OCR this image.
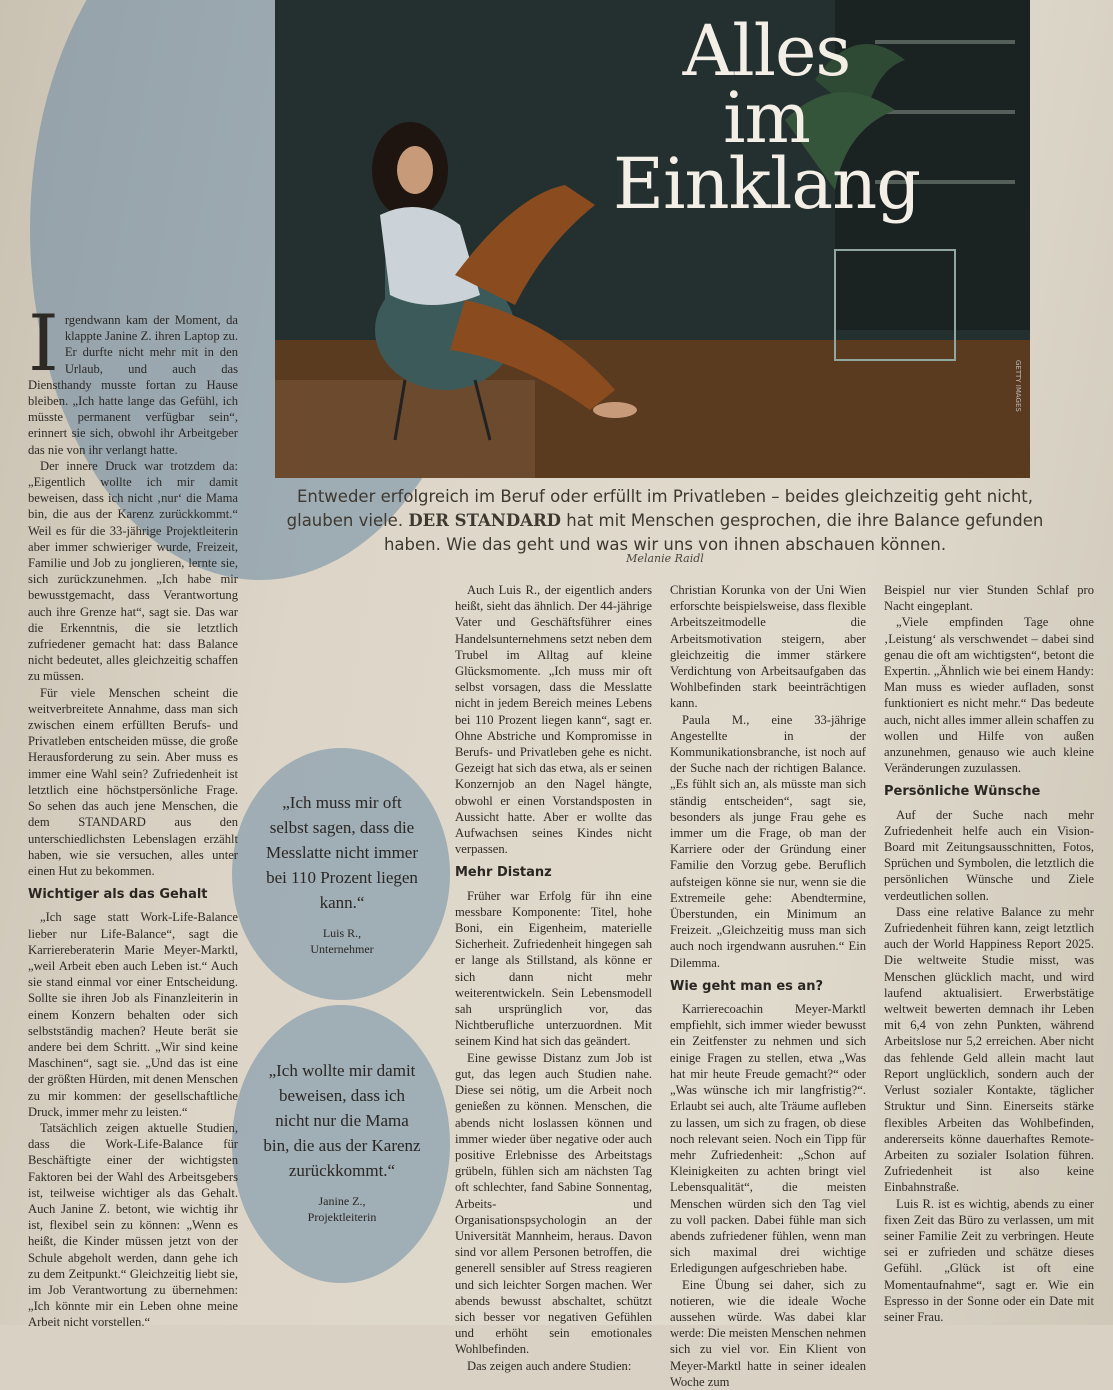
Alles
im
Einklang
GETTY IMAGES

Entweder erfolgreich im Beruf oder erfüllt im Privatleben – beides gleichzeitig geht nicht, glauben viele. DER STANDARD hat mit Menschen gesprochen, die ihre Balance gefunden haben. Wie das geht und was wir uns von ihnen abschauen können.

Melanie Raidl

Irgendwann kam der Moment, da klappte Janine Z. ihren Laptop zu. Er durfte nicht mehr mit in den Urlaub, und auch das Diensthandy musste fortan zu Hause bleiben. „Ich hatte lange das Gefühl, ich müsste permanent verfügbar sein“, erinnert sie sich, obwohl ihr Arbeitgeber das nie von ihr verlangt hatte.

Der innere Druck war trotzdem da: „Eigentlich wollte ich mir damit beweisen, dass ich nicht ‚nur‘ die Mama bin, die aus der Karenz zurückkommt.“ Weil es für die 33-jährige Projektleiterin aber immer schwieriger wurde, Freizeit, Familie und Job zu jonglieren, lernte sie, sich zurückzunehmen. „Ich habe mir bewusstgemacht, dass Verantwortung auch ihre Grenze hat“, sagt sie. Das war die Erkenntnis, die sie letztlich zufriedener gemacht hat: dass Balance nicht bedeutet, alles gleichzeitig schaffen zu müssen.

Für viele Menschen scheint die weitverbreitete Annahme, dass man sich zwischen einem erfüllten Berufs- und Privatleben entscheiden müsse, die große Herausforderung zu sein. Aber muss es immer eine Wahl sein? Zufriedenheit ist letztlich eine höchstpersönliche Frage. So sehen das auch jene Menschen, die dem STANDARD aus den unterschiedlichsten Lebenslagen erzählt haben, wie sie versuchen, alles unter einen Hut zu bekommen.

Wichtiger als das Gehalt

„Ich sage statt Work-Life-Balance lieber nur Life-Balance“, sagt die Karriereberaterin Marie Meyer-Marktl, „weil Arbeit eben auch Leben ist.“ Auch sie stand einmal vor einer Entscheidung. Sollte sie ihren Job als Finanzleiterin in einem Konzern behalten oder sich selbstständig machen? Heute berät sie andere bei dem Schritt. „Wir sind keine Maschinen“, sagt sie. „Und das ist eine der größten Hürden, mit denen Menschen zu mir kommen: der gesellschaftliche Druck, immer mehr zu leisten.“

Tatsächlich zeigen aktuelle Studien, dass die Work-Life-Balance für Beschäftigte einer der wichtigsten Faktoren bei der Wahl des Arbeitsgebers ist, teilweise wichtiger als das Gehalt. Auch Janine Z. betont, wie wichtig ihr ist, flexibel sein zu können: „Wenn es heißt, die Kinder müssen jetzt von der Schule abgeholt werden, dann gehe ich zu dem Zeitpunkt.“ Gleichzeitig liebt sie, im Job Verantwortung zu übernehmen: „Ich könnte mir ein Leben ohne meine Arbeit nicht vorstellen.“

„Ich muss mir oft selbst sagen, dass die Messlatte nicht immer bei 110 Prozent liegen kann.“
Luis R.,
Unternehmer
„Ich wollte mir damit beweisen, dass ich nicht nur die Mama bin, die aus der Karenz zurückkommt.“
Janine Z.,
Projektleiterin

Auch Luis R., der eigentlich anders heißt, sieht das ähnlich. Der 44-jährige Vater und Geschäftsführer eines Handelsunternehmens setzt neben dem Trubel im Alltag auf kleine Glücksmomente. „Ich muss mir oft selbst vorsagen, dass die Messlatte nicht in jedem Bereich meines Lebens bei 110 Prozent liegen kann“, sagt er. Ohne Abstriche und Kompromisse in Berufs- und Privatleben gehe es nicht. Gezeigt hat sich das etwa, als er seinen Konzernjob an den Nagel hängte, obwohl er einen Vorstandsposten in Aussicht hatte. Aber er wollte das Aufwachsen seines Kindes nicht verpassen.

Mehr Distanz

Früher war Erfolg für ihn eine messbare Komponente: Titel, hohe Boni, ein Eigenheim, materielle Sicherheit. Zufriedenheit hingegen sah er lange als Stillstand, als könne er sich dann nicht mehr weiterentwickeln. Sein Lebensmodell sah ursprünglich vor, das Nichtberufliche unterzuordnen. Mit seinem Kind hat sich das geändert.

Eine gewisse Distanz zum Job ist gut, das legen auch Studien nahe. Diese sei nötig, um die Arbeit noch genießen zu können. Menschen, die abends nicht loslassen können und immer wieder über negative oder auch positive Erlebnisse des Arbeitstags grübeln, fühlen sich am nächsten Tag oft schlechter, fand Sabine Sonnentag, Arbeits- und Organisationspsychologin an der Universität Mannheim, heraus. Davon sind vor allem Personen betroffen, die generell sensibler auf Stress reagieren und sich leichter Sorgen machen. Wer abends bewusst abschaltet, schützt sich besser vor negativen Gefühlen und erhöht sein emotionales Wohlbefinden.

Das zeigen auch andere Studien:

Christian Korunka von der Uni Wien erforschte beispielsweise, dass flexible Arbeitszeitmodelle die Arbeitsmotivation steigern, aber gleichzeitig die immer stärkere Verdichtung von Arbeitsaufgaben das Wohlbefinden stark beeinträchtigen kann.

Paula M., eine 33-jährige Angestellte in der Kommunikationsbranche, ist noch auf der Suche nach der richtigen Balance. „Es fühlt sich an, als müsste man sich ständig entscheiden“, sagt sie, besonders als junge Frau gehe es immer um die Frage, ob man der Karriere oder der Gründung einer Familie den Vorzug gebe. Beruflich aufsteigen könne sie nur, wenn sie die Extremeile gehe: Abendtermine, Überstunden, ein Minimum an Freizeit. „Gleichzeitig muss man sich auch noch irgendwann ausruhen.“ Ein Dilemma.

Wie geht man es an?

Karrierecoachin Meyer-Marktl empfiehlt, sich immer wieder bewusst ein Zeitfenster zu nehmen und sich einige Fragen zu stellen, etwa „Was hat mir heute Freude gemacht?“ oder „Was wünsche ich mir langfristig?“. Erlaubt sei auch, alte Träume aufleben zu lassen, um sich zu fragen, ob diese noch relevant seien. Noch ein Tipp für mehr Zufriedenheit: „Schon auf Kleinigkeiten zu achten bringt viel Lebensqualität“, die meisten Menschen würden sich den Tag viel zu voll packen. Dabei fühle man sich abends zufriedener fühlen, wenn man sich maximal drei wichtige Erledigungen aufgeschrieben habe.

Eine Übung sei daher, sich zu notieren, wie die ideale Woche aussehen würde. Was dabei klar werde: Die meisten Menschen nehmen sich zu viel vor. Ein Klient von Meyer-Marktl hatte in seiner idealen Woche zum

Beispiel nur vier Stunden Schlaf pro Nacht eingeplant.

„Viele empfinden Tage ohne ‚Leistung‘ als verschwendet – dabei sind genau die oft am wichtigsten“, betont die Expertin. „Ähnlich wie bei einem Handy: Man muss es wieder aufladen, sonst funktioniert es nicht mehr.“ Das bedeute auch, nicht alles immer allein schaffen zu wollen und Hilfe von außen anzunehmen, genauso wie auch kleine Veränderungen zuzulassen.

Persönliche Wünsche

Auf der Suche nach mehr Zufriedenheit helfe auch ein Vision-Board mit Zeitungsausschnitten, Fotos, Sprüchen und Symbolen, die letztlich die persönlichen Wünsche und Ziele verdeutlichen sollen.

Dass eine relative Balance zu mehr Zufriedenheit führen kann, zeigt letztlich auch der World Happiness Report 2025. Die weltweite Studie misst, was Menschen glücklich macht, und wird laufend aktualisiert. Erwerbstätige weltweit bewerten demnach ihr Leben mit 6,4 von zehn Punkten, während Arbeitslose nur 5,2 erreichen. Aber nicht das fehlende Geld allein macht laut Report unglücklich, sondern auch der Verlust sozialer Kontakte, täglicher Struktur und Sinn. Einerseits stärke flexibles Arbeiten das Wohlbefinden, andererseits könne dauerhaftes Remote-Arbeiten zu sozialer Isolation führen. Zufriedenheit ist also keine Einbahnstraße.

Luis R. ist es wichtig, abends zu einer fixen Zeit das Büro zu verlassen, um mit seiner Familie Zeit zu verbringen. Heute sei er zufrieden und schätze dieses Gefühl. „Glück ist oft eine Momentaufnahme“, sagt er. Wie ein Espresso in der Sonne oder ein Date mit seiner Frau.
